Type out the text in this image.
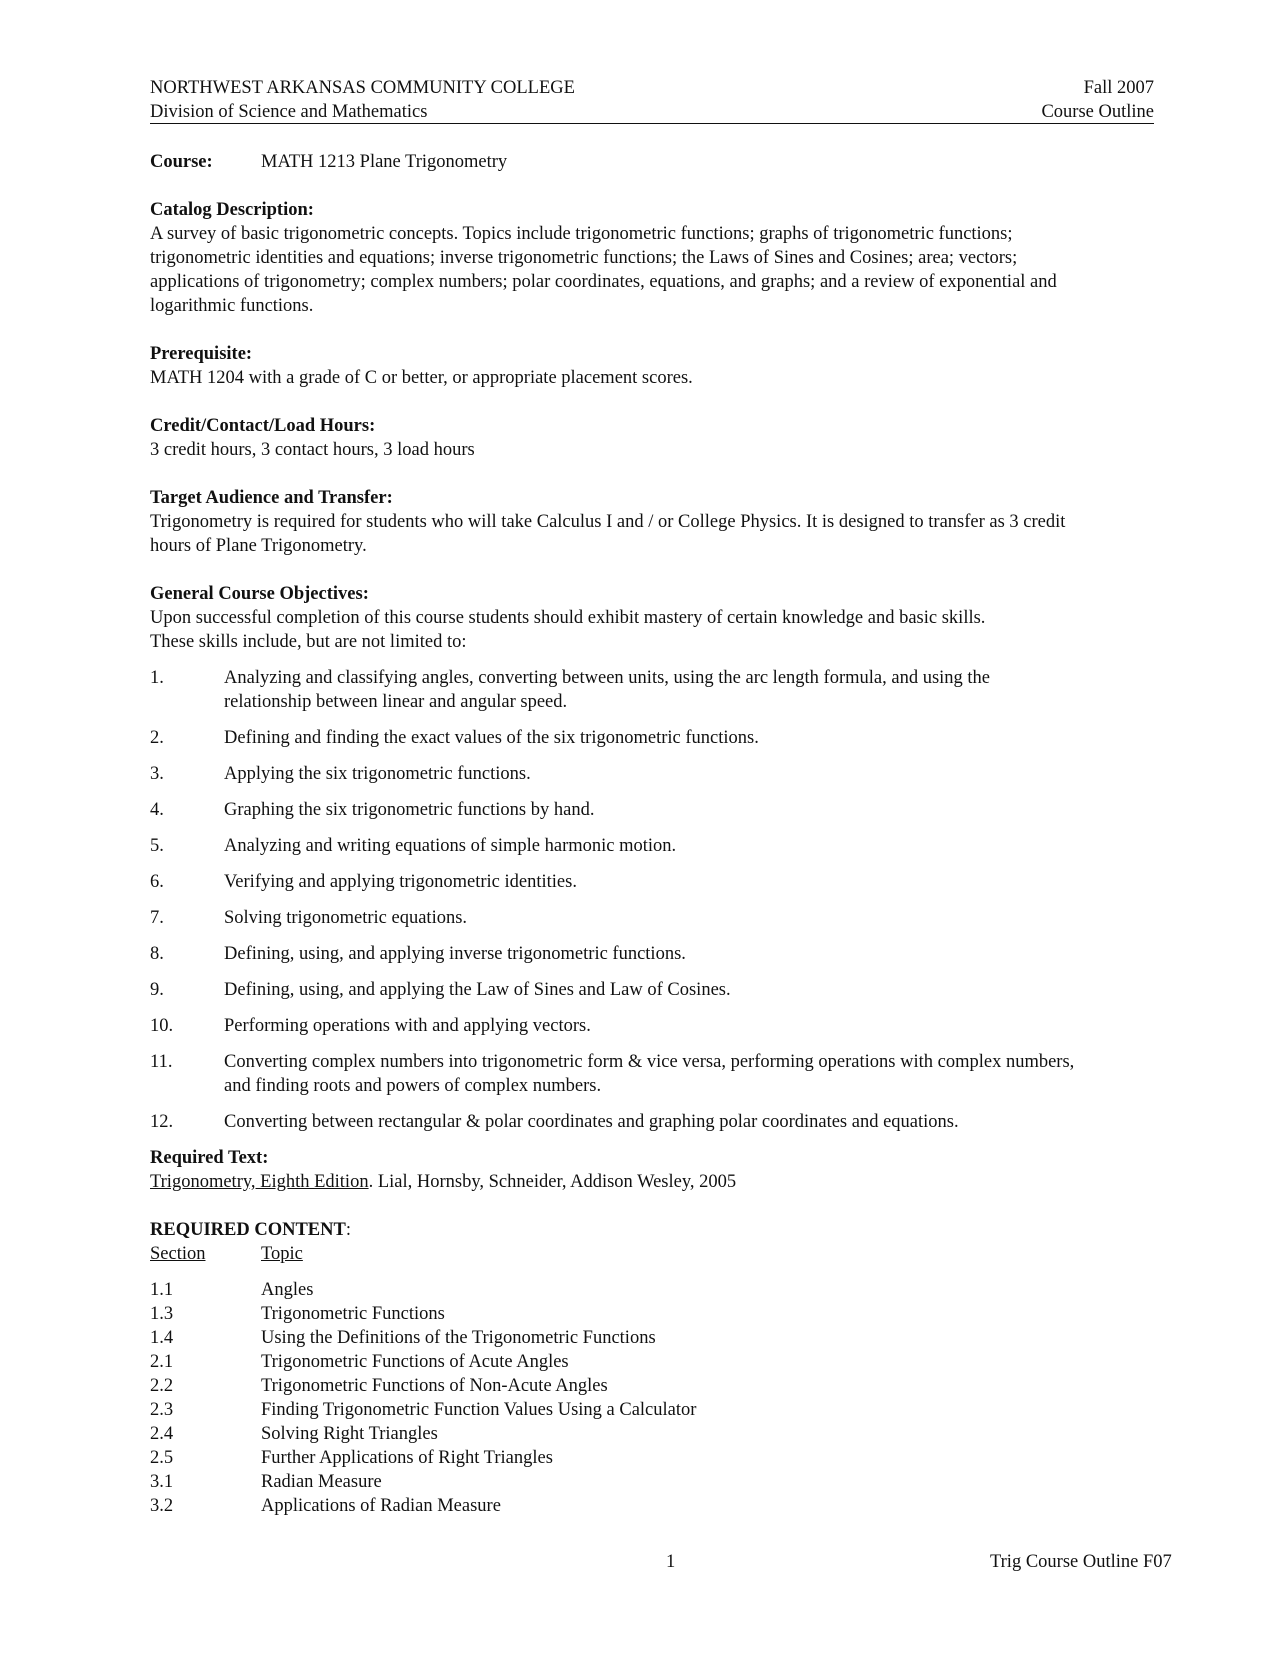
NORTHWEST ARKANSAS COMMUNITY COLLEGE	Fall 2007
Division of Science and Mathematics	Course Outline
Course:	MATH 1213 Plane Trigonometry

Catalog Description:

A survey of basic trigonometric concepts. Topics include trigonometric functions; graphs of trigonometric functions;

trigonometric identities and equations; inverse trigonometric functions; the Laws of Sines and Cosines; area; vectors;

applications of trigonometry; complex numbers; polar coordinates, equations, and graphs; and a review of exponential and

logarithmic functions.

Prerequisite:

MATH 1204 with a grade of C or better, or appropriate placement scores.

Credit/Contact/Load Hours:

3 credit hours, 3 contact hours, 3 load hours

Target Audience and Transfer:

Trigonometry is required for students who will take Calculus I and / or College Physics. It is designed to transfer as 3 credit

hours of Plane Trigonometry.

General Course Objectives:

Upon successful completion of this course students should exhibit mastery of certain knowledge and basic skills.

These skills include, but are not limited to:

1.	Analyzing and classifying angles, converting between units, using the arc length formula, and using the

relationship between linear and angular speed.

2.	Defining and finding the exact values of the six trigonometric functions.
3.	Applying the six trigonometric functions.
4.	Graphing the six trigonometric functions by hand.
5.	Analyzing and writing equations of simple harmonic motion.
6.	Verifying and applying trigonometric identities.
7.	Solving trigonometric equations.
8.	Defining, using, and applying inverse trigonometric functions.
9.	Defining, using, and applying the Law of Sines and Law of Cosines.
10.	Performing operations with and applying vectors.
11.	Converting complex numbers into trigonometric form & vice versa, performing operations with complex numbers,

and finding roots and powers of complex numbers.

12.	Converting between rectangular & polar coordinates and graphing polar coordinates and equations.

Required Text:

Trigonometry, Eighth Edition. Lial, Hornsby, Schneider, Addison Wesley, 2005

REQUIRED CONTENT:
Section	Topic
1.1	Angles
1.3	Trigonometric Functions
1.4	Using the Definitions of the Trigonometric Functions
2.1	Trigonometric Functions of Acute Angles
2.2	Trigonometric Functions of Non-Acute Angles
2.3	Finding Trigonometric Function Values Using a Calculator
2.4	Solving Right Triangles
2.5	Further Applications of Right Triangles
3.1	Radian Measure
3.2	Applications of Radian Measure
1	Trig Course Outline F07
